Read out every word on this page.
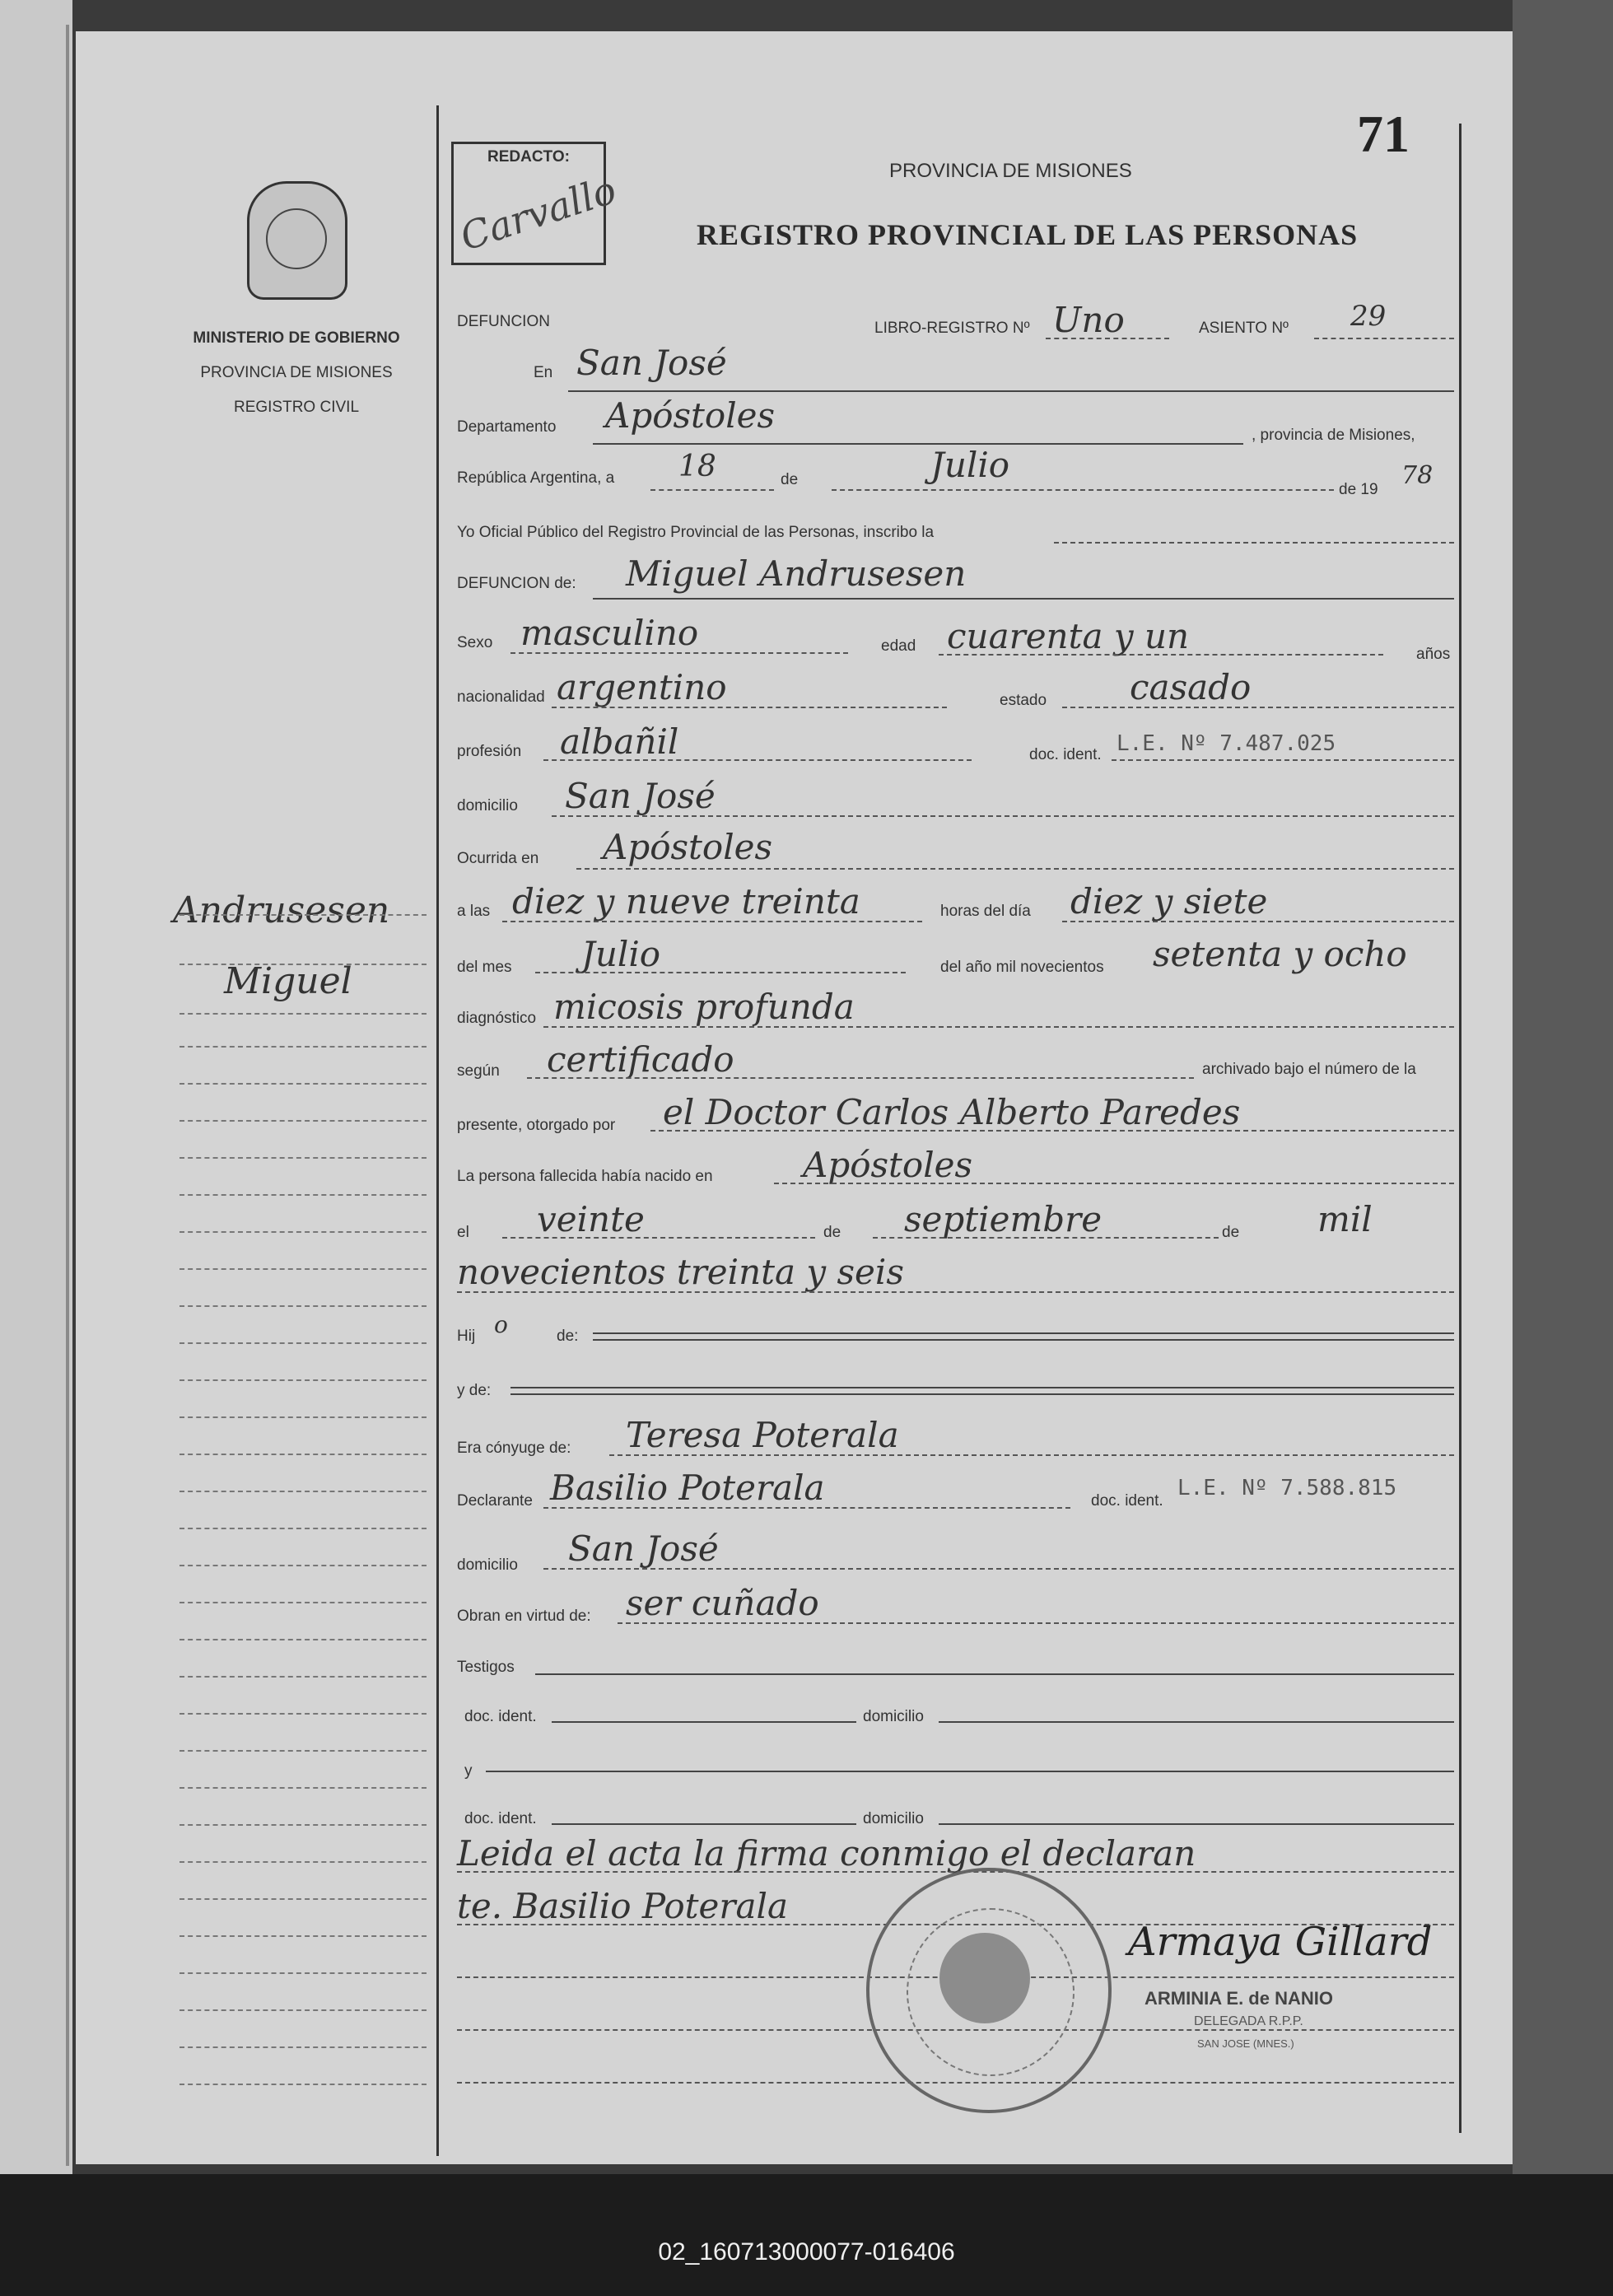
02_160713000077-016406
71
REDACTO:
Carvallo	PROVINCIA DE MISIONES
REGISTRO PROVINCIAL DE LAS PERSONAS
MINISTERIO DE GOBIERNO
PROVINCIA DE MISIONES
REGISTRO CIVIL
Andrusesen
Miguel
DEFUNCION	LIBRO-REGISTRO Nº Uno	ASIENTO Nº 29
En San José
Departamento Apóstoles	, provincia de Misiones,
República Argentina, a 18	de	Julio
de 19 78
Yo Oficial Público del Registro Provincial de las Personas, inscribo la
DEFUNCION de: Miguel Andrusesen
Sexo masculino	edad cuarenta y un	años
nacionalidad argentino	estado casado
profesión albañil	doc. ident. L.E. Nº 7.487.025
domicilio San José
Ocurrida en Apóstoles
a las diez y nueve treinta	horas del día diez y siete
del mes Julio	del año mil novecientos setenta y ocho
diagnóstico micosis profunda
según certificado	archivado bajo el número de la
presente, otorgado por el Doctor Carlos Alberto Paredes
La persona fallecida había nacido en	Apóstoles
el veinte	de septiembre	de mil
novecientos treinta y seis
Hij o	de:
y de:
Era cónyuge de: Teresa Poterala
Declarante Basilio Poterala	doc. ident.
L.E. Nº 7.588.815
domicilio San José
Obran en virtud de: ser cuñado
Testigos
doc. ident.	domicilio
y
doc. ident.	domicilio
Leida el acta la firma conmigo el declaran
te. Basilio Poterala
Armaya Gillard
ARMINIA E. de NANIO
DELEGADA R.P.P.
SAN JOSE (MNES.)
